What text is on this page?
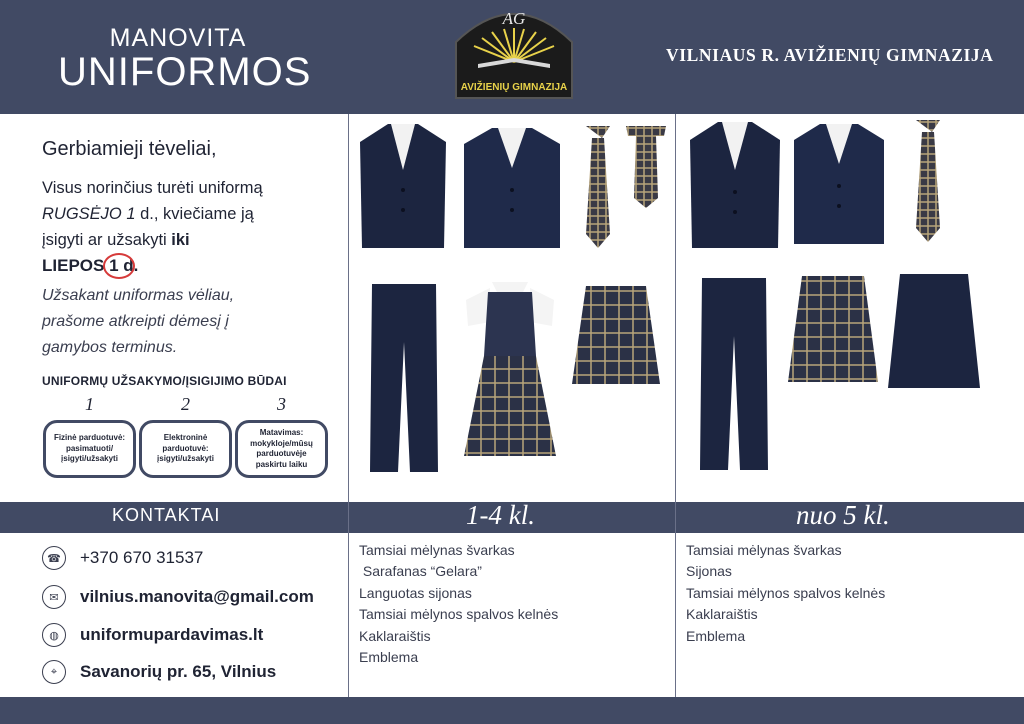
MANOVITA
UNIFORMOS
AG
AVIŽIENIŲ GIMNAZIJA
VILNIAUS R. AVIŽIENIŲ GIMNAZIJA
Gerbiamieji tėveliai,
Visus norinčius turėti uniformą
RUGSĖJO 1 d., kviečiame ją
įsigyti ar užsakyti iki
LIEPOS
1 d.
Užsakant uniformas vėliau,
prašome atkreipti dėmesį į
gamybos terminus.
UNIFORMŲ UŽSAKYMO/ĮSIGIJIMO BŪDAI
1	2	3
Fizinė parduotuvė: pasimatuoti/ įsigyti/užsakyti
Elektroninė parduotuvė: įsigyti/užsakyti
Matavimas: mokykloje/mūsų parduotuvėje paskirtu laiku
KONTAKTAI	1-4 kl.	nuo 5 kl.
☎	+370 670 31537
✉	vilnius.manovita@gmail.com
◍	uniformupardavimas.lt
⌖	Savanorių pr. 65, Vilnius
Tamsiai mėlynas švarkas
Sarafanas “Gelara”
Languotas sijonas
Tamsiai mėlynos spalvos kelnės
Kaklaraištis
Emblema
Tamsiai mėlynas švarkas
Sijonas
Tamsiai mėlynos spalvos kelnės
Kaklaraištis
Emblema
